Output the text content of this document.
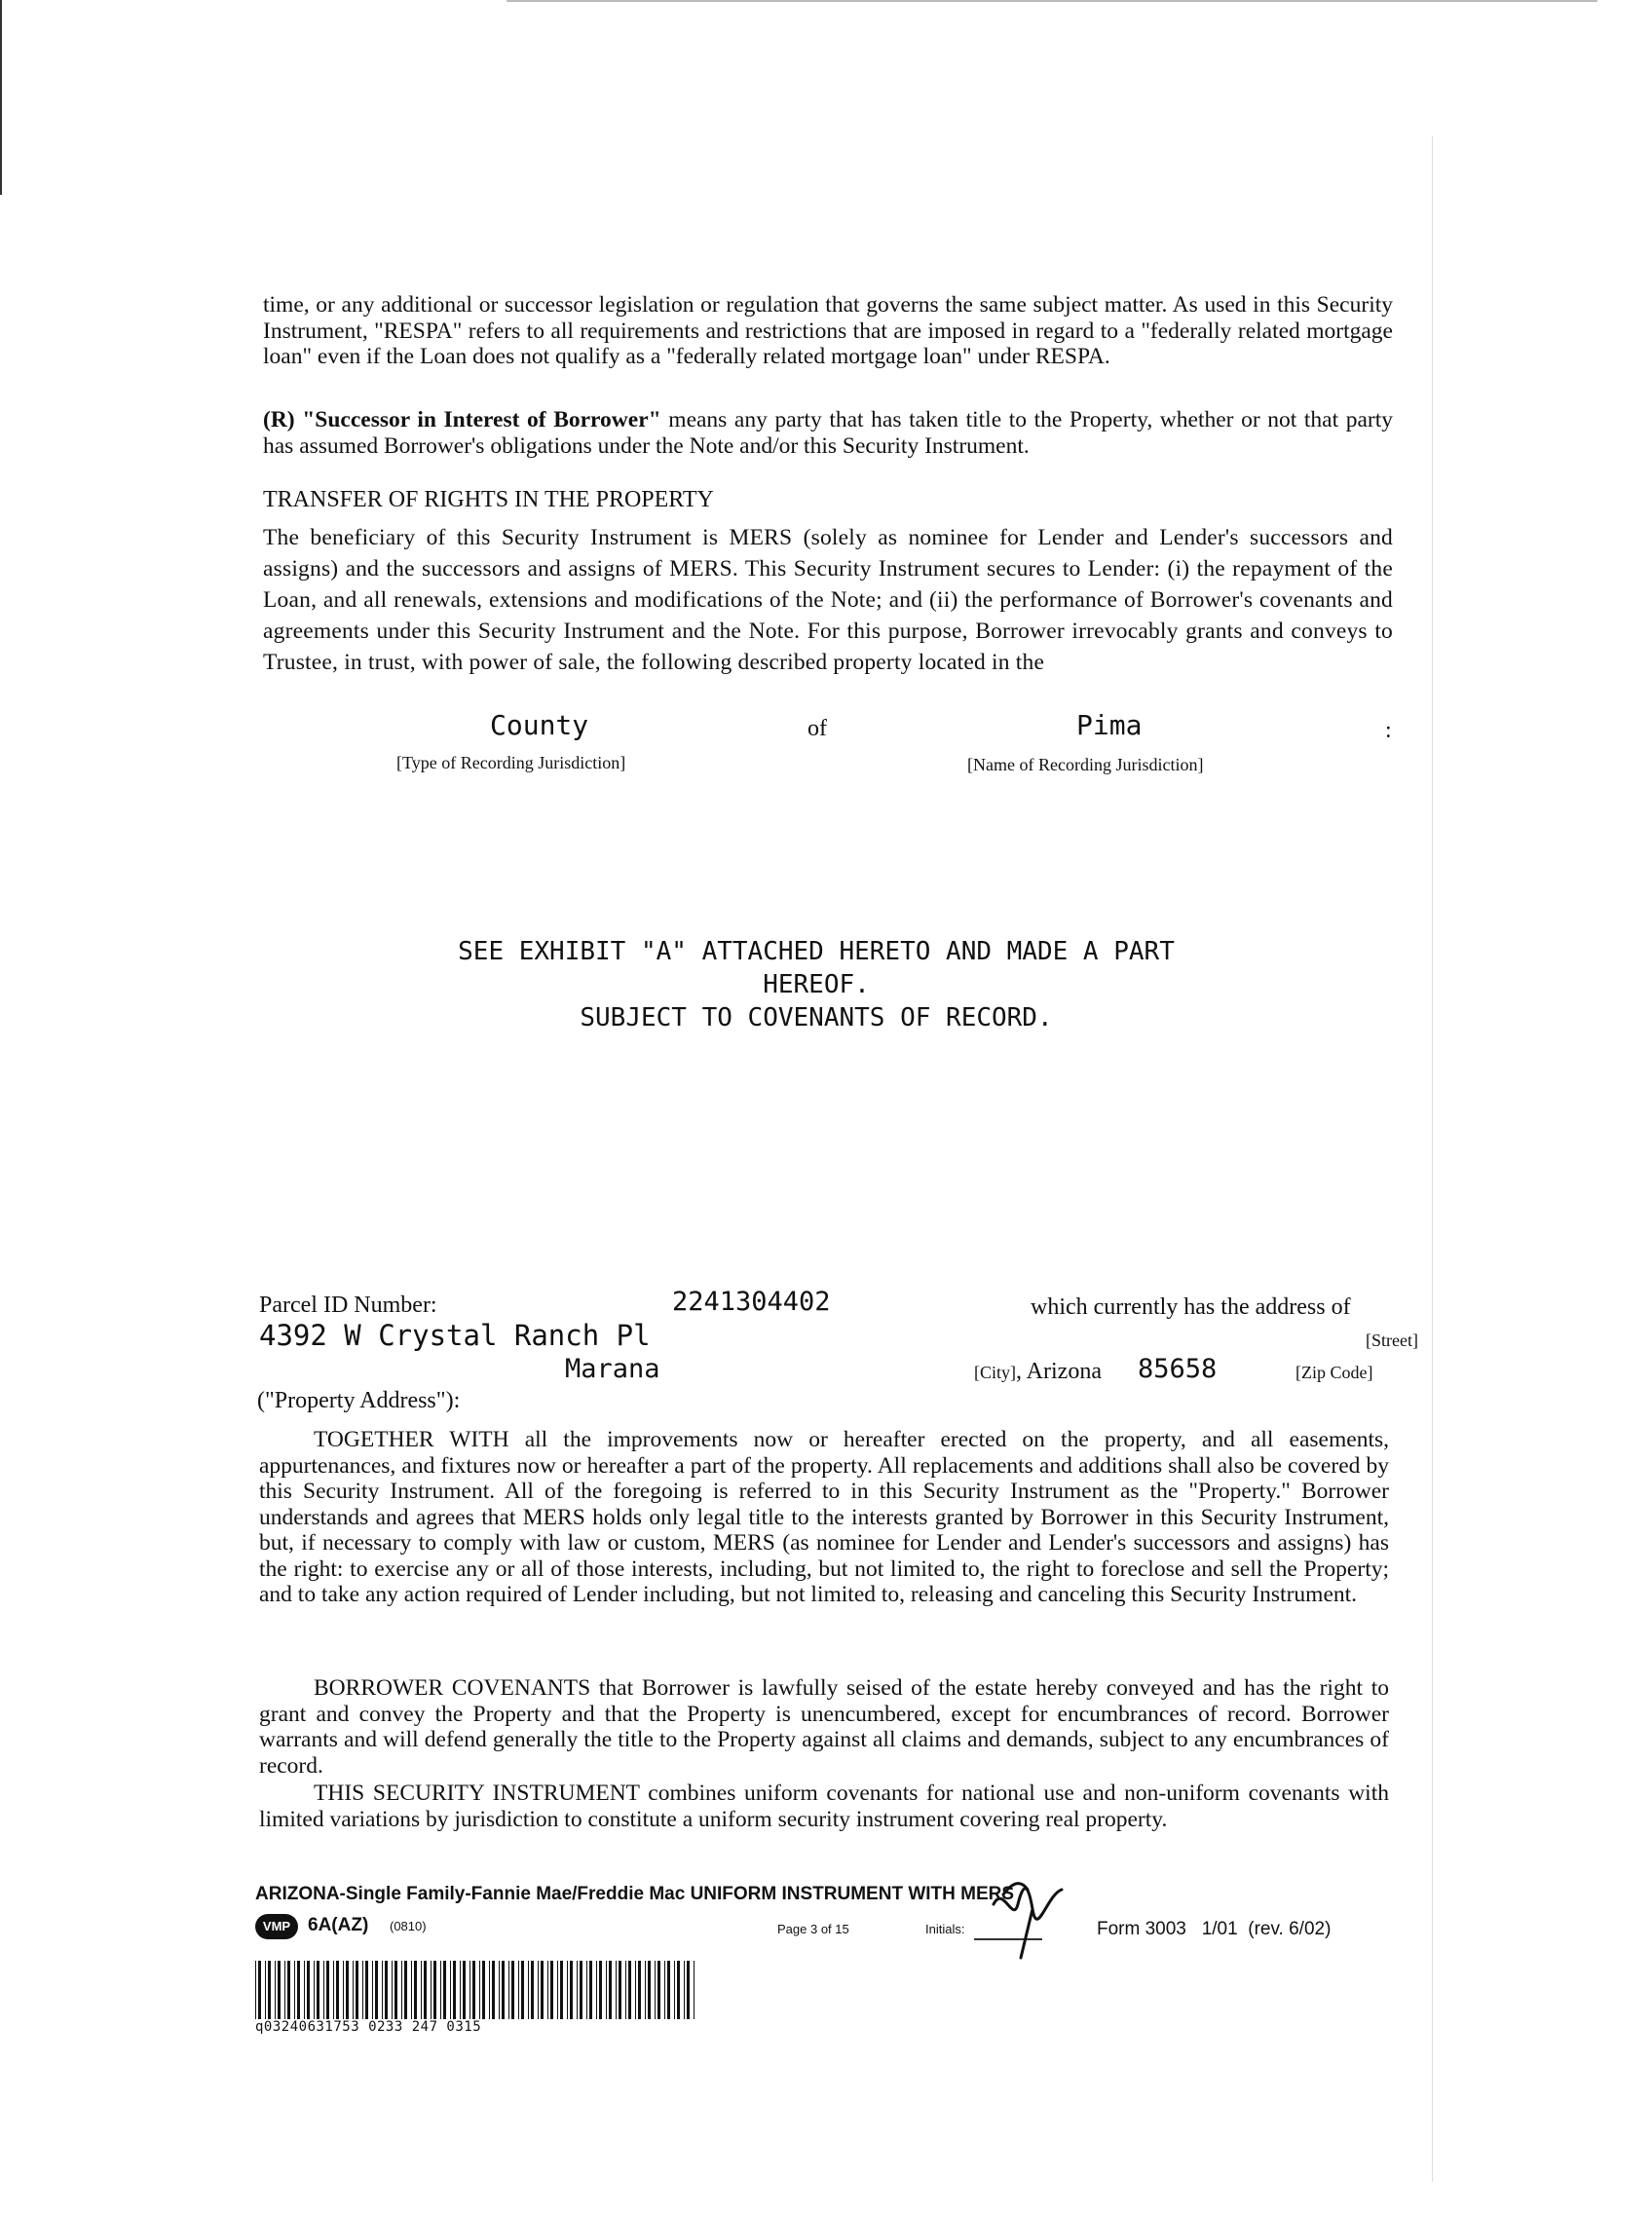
time, or any additional or successor legislation or regulation that governs the same subject matter. As used in this Security Instrument, "RESPA" refers to all requirements and restrictions that are imposed in regard to a "federally related mortgage loan" even if the Loan does not qualify as a "federally related mortgage loan" under RESPA.
(R) "Successor in Interest of Borrower" means any party that has taken title to the Property, whether or not that party has assumed Borrower's obligations under the Note and/or this Security Instrument.
TRANSFER OF RIGHTS IN THE PROPERTY
The beneficiary of this Security Instrument is MERS (solely as nominee for Lender and Lender's successors and assigns) and the successors and assigns of MERS. This Security Instrument secures to Lender: (i) the repayment of the Loan, and all renewals, extensions and modifications of the Note; and (ii) the performance of Borrower's covenants and agreements under this Security Instrument and the Note. For this purpose, Borrower irrevocably grants and conveys to Trustee, in trust, with power of sale, the following described property located in the
County	of	Pima	:
[Type of Recording Jurisdiction]	[Name of Recording Jurisdiction]
SEE EXHIBIT "A" ATTACHED HERETO AND MADE A PART HEREOF.
SUBJECT TO COVENANTS OF RECORD.
Parcel ID Number:	2241304402	which currently has the address of
4392 W Crystal Ranch Pl	[Street]
Marana	[City], Arizona 85658	[Zip Code]
("Property Address"):
TOGETHER WITH all the improvements now or hereafter erected on the property, and all easements, appurtenances, and fixtures now or hereafter a part of the property. All replacements and additions shall also be covered by this Security Instrument. All of the foregoing is referred to in this Security Instrument as the "Property." Borrower understands and agrees that MERS holds only legal title to the interests granted by Borrower in this Security Instrument, but, if necessary to comply with law or custom, MERS (as nominee for Lender and Lender's successors and assigns) has the right: to exercise any or all of those interests, including, but not limited to, the right to foreclose and sell the Property; and to take any action required of Lender including, but not limited to, releasing and canceling this Security Instrument.
BORROWER COVENANTS that Borrower is lawfully seised of the estate hereby conveyed and has the right to grant and convey the Property and that the Property is unencumbered, except for encumbrances of record. Borrower warrants and will defend generally the title to the Property against all claims and demands, subject to any encumbrances of record.
THIS SECURITY INSTRUMENT combines uniform covenants for national use and non-uniform covenants with limited variations by jurisdiction to constitute a uniform security instrument covering real property.
ARIZONA-Single Family-Fannie Mae/Freddie Mac UNIFORM INSTRUMENT WITH MERS
VMP 6A(AZ) (0810)	Page 3 of 15	Initials:	Form 3003   1/01  (rev. 6/02)
q03240631753 0233 247 0315
